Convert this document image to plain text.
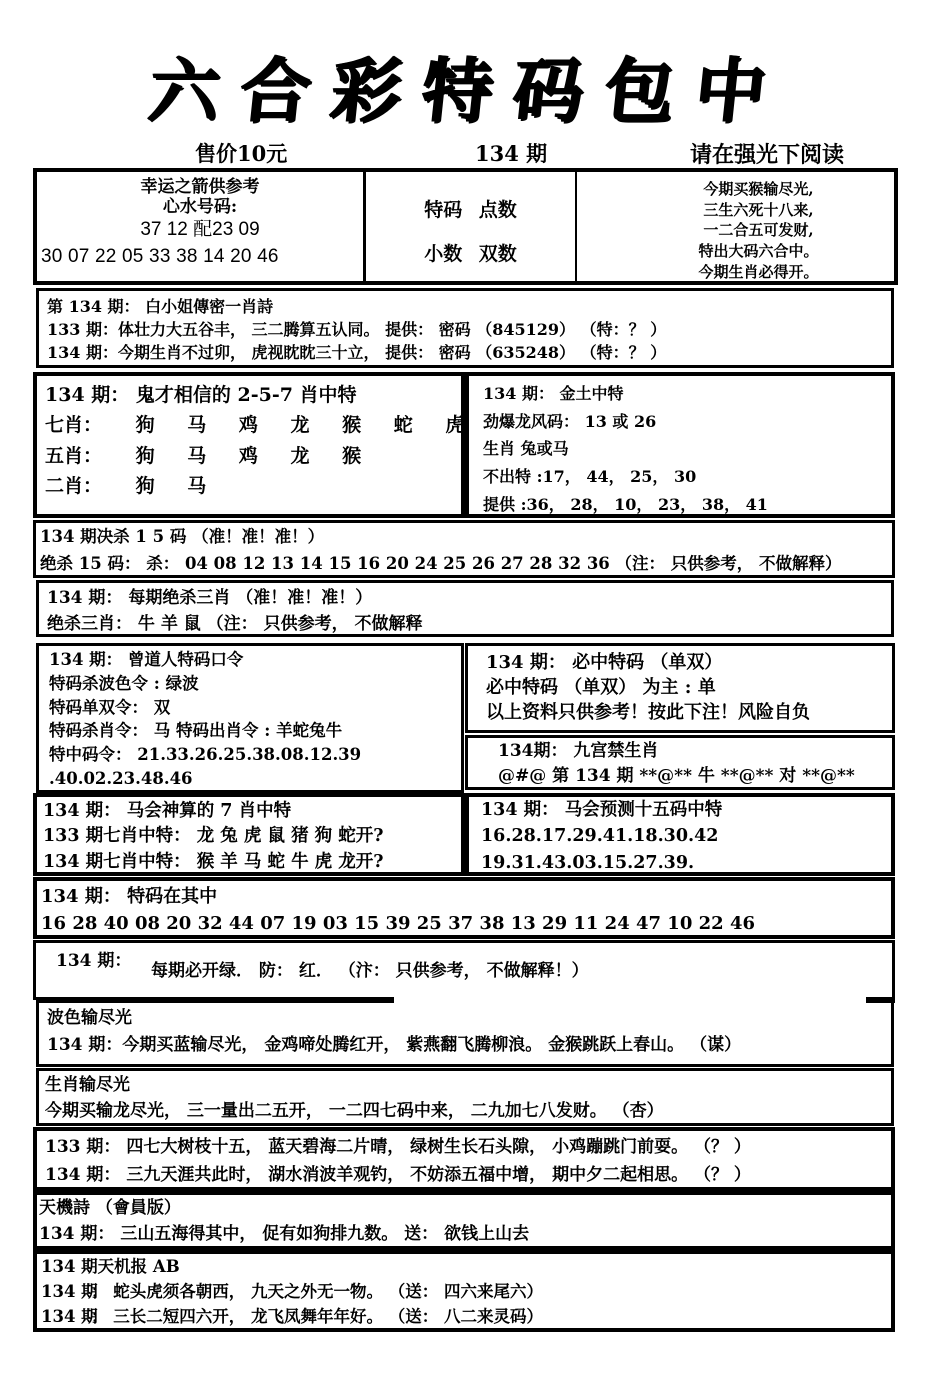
六 合 彩 特 码 包 中
售价10元	134 期	请在强光下阅读
幸运之箭供参考
心水号码:
37 12 配23 09
30 07 22 05 33 38 14 20 46
特码 点数
小数 双数
今期买猴输尽光,
三生六死十八来,
一二合五可发财,
特出大码六合中。
今期生肖必得开。
第 134 期： 白小姐傳密一肖詩
133 期：体壮力大五谷丰， 三二腾算五认同。 提供： 密码 （845129） （特：？ ）
134 期：今期生肖不过卯， 虎视眈眈三十立， 提供： 密码 （635248） （特：？ ）
134 期： 鬼才相信的 2-5-7 肖中特
七肖： 狗 马 鸡 龙 猴 蛇 虎
五肖： 狗 马 鸡 龙 猴
二肖： 狗 马
134 期： 金土中特
劲爆龙风码： 13 或 26
生肖 兔或马
不出特 :17， 44， 25， 30
提供 :36， 28， 10， 23， 38， 41
134 期决杀 1 5 码 （准！准！准！）
绝杀 15 码： 杀： 04 08 12 13 14 15 16 20 24 25 26 27 28 32 36 （注： 只供参考， 不做解释）
134 期： 每期绝杀三肖 （准！准！准！）
绝杀三肖： 牛 羊 鼠 （注： 只供参考， 不做解释
134 期： 曾道人特码口令
特码杀波色令 : 绿波
特码单双令： 双
特码杀肖令： 马 特码出肖令 : 羊蛇兔牛
特中码令： 21.33.26.25.38.08.12.39
.40.02.23.48.46
134 期： 必中特码 （单双）
必中特码 （单双） 为主 : 单
以上资料只供参考！按此下注！风险自负
134期： 九宫禁生肖
@#@ 第 134 期 **@** 牛 **@** 对 **@**
134 期： 马会神算的 7 肖中特
133 期七肖中特： 龙 兔 虎 鼠 猪 狗 蛇开?
134 期七肖中特： 猴 羊 马 蛇 牛 虎 龙开?
134 期： 马会预测十五码中特
16.28.17.29.41.18.30.42
19.31.43.03.15.27.39.
134 期： 特码在其中
16 28 40 08 20 32 44 07 19 03 15 39 25 37 38 13 29 11 24 47 10 22 46
134 期： 每期必开绿． 防： 红． （汴： 只供参考， 不做解释！）
波色输尽光
134 期：今期买蓝输尽光， 金鸡啼处腾红开， 紫燕翻飞腾柳浪。 金猴跳跃上春山。 （谋）
生肖输尽光
今期买输龙尽光， 三一量出二五开， 一二四七码中来， 二九加七八发财。 （杏）
133 期： 四七大树枝十五， 蓝天碧海二片晴， 绿树生长石头隙， 小鸡蹦跳门前耍。 （？ ）
134 期： 三九天涯共此时， 湖水消波羊观钓， 不妨添五福中增， 期中夕二起相思。 （？ ）
天機詩 （會員版）
134 期： 三山五海得其中， 促有如狗排九数。 送： 欲钱上山去
134 期天机报 AB
134 期： 蛇头虎须各朝西， 九天之外无一物。 （送： 四六来尾六）
134 期： 三长二短四六开， 龙飞凤舞年年好。 （送： 八二来灵码）
